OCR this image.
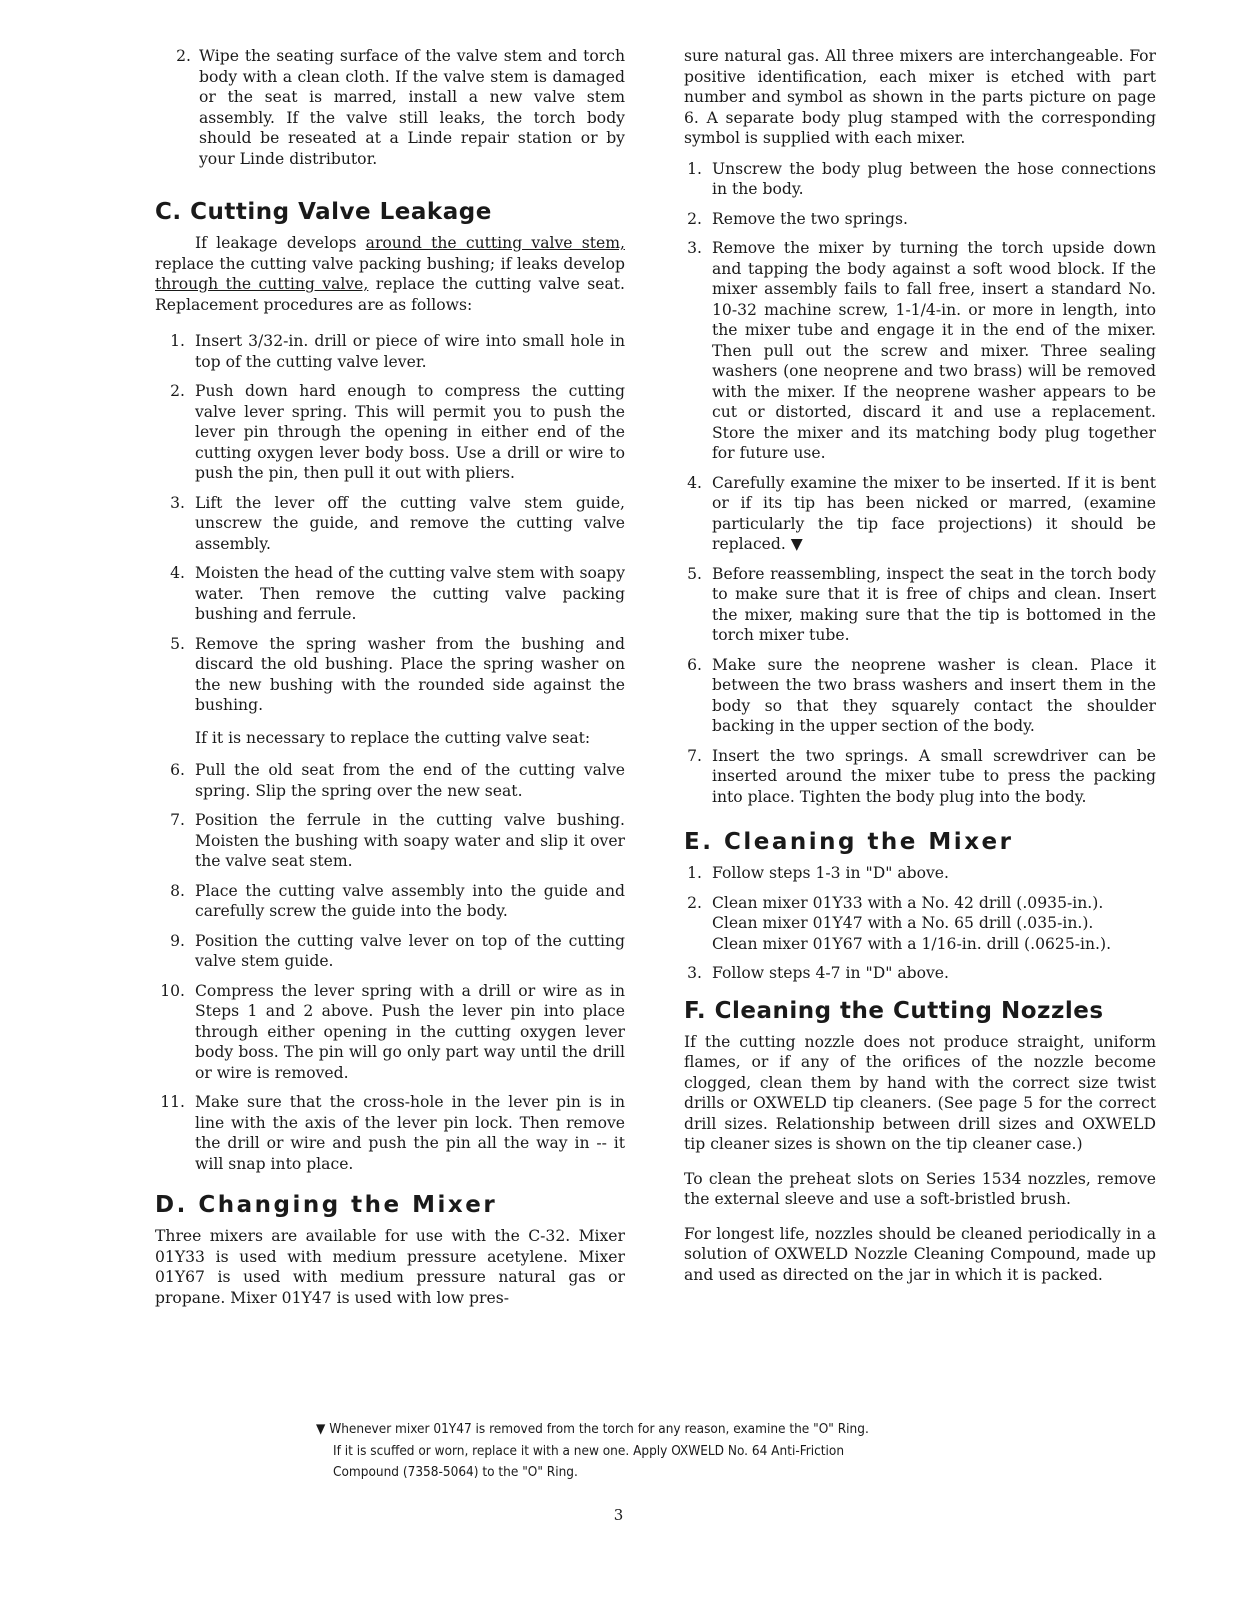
2. Wipe the seating surface of the valve stem and torch body with a clean cloth. If the valve stem is damaged or the seat is marred, install a new valve stem assembly. If the valve still leaks, the torch body should be reseated at a Linde repair station or by your Linde distributor.
C. Cutting Valve Leakage

If leakage develops around the cutting valve stem, replace the cutting valve packing bushing; if leaks develop through the cutting valve, replace the cutting valve seat. Replacement procedures are as follows:

1. Insert 3/32-in. drill or piece of wire into small hole in top of the cutting valve lever.
2. Push down hard enough to compress the cutting valve lever spring. This will permit you to push the lever pin through the opening in either end of the cutting oxygen lever body boss. Use a drill or wire to push the pin, then pull it out with pliers.
3. Lift the lever off the cutting valve stem guide, unscrew the guide, and remove the cutting valve assembly.
4. Moisten the head of the cutting valve stem with soapy water. Then remove the cutting valve packing bushing and ferrule.
5. Remove the spring washer from the bushing and discard the old bushing. Place the spring washer on the new bushing with the rounded side against the bushing.

If it is necessary to replace the cutting valve seat:

6. Pull the old seat from the end of the cutting valve spring. Slip the spring over the new seat.
7. Position the ferrule in the cutting valve bushing. Moisten the bushing with soapy water and slip it over the valve seat stem.
8. Place the cutting valve assembly into the guide and carefully screw the guide into the body.
9. Position the cutting valve lever on top of the cutting valve stem guide.
10. Compress the lever spring with a drill or wire as in Steps 1 and 2 above. Push the lever pin into place through either opening in the cutting oxygen lever body boss. The pin will go only part way until the drill or wire is removed.
11. Make sure that the cross-hole in the lever pin is in line with the axis of the lever pin lock. Then remove the drill or wire and push the pin all the way in -- it will snap into place.
D. Changing the Mixer

Three mixers are available for use with the C-32. Mixer 01Y33 is used with medium pressure acetylene. Mixer 01Y67 is used with medium pressure natural gas or propane. Mixer 01Y47 is used with low pres-

sure natural gas. All three mixers are interchangeable. For positive identification, each mixer is etched with part number and symbol as shown in the parts picture on page 6. A separate body plug stamped with the corresponding symbol is supplied with each mixer.

1. Unscrew the body plug between the hose connections in the body.
2. Remove the two springs.
3. Remove the mixer by turning the torch upside down and tapping the body against a soft wood block. If the mixer assembly fails to fall free, insert a standard No. 10-32 machine screw, 1-1/4-in. or more in length, into the mixer tube and engage it in the end of the mixer. Then pull out the screw and mixer. Three sealing washers (one neoprene and two brass) will be removed with the mixer. If the neoprene washer appears to be cut or distorted, discard it and use a replacement. Store the mixer and its matching body plug together for future use.
4. Carefully examine the mixer to be inserted. If it is bent or if its tip has been nicked or marred, (examine particularly the tip face projections) it should be replaced. ▼
5. Before reassembling, inspect the seat in the torch body to make sure that it is free of chips and clean. Insert the mixer, making sure that the tip is bottomed in the torch mixer tube.
6. Make sure the neoprene washer is clean. Place it between the two brass washers and insert them in the body so that they squarely contact the shoulder backing in the upper section of the body.
7. Insert the two springs. A small screwdriver can be inserted around the mixer tube to press the packing into place. Tighten the body plug into the body.
E. Cleaning the Mixer
1. Follow steps 1-3 in "D" above.
2. Clean mixer 01Y33 with a No. 42 drill (.0935-in.).
Clean mixer 01Y47 with a No. 65 drill (.035-in.).
Clean mixer 01Y67 with a 1/16-in. drill (.0625-in.).
3. Follow steps 4-7 in "D" above.
F. Cleaning the Cutting Nozzles

If the cutting nozzle does not produce straight, uniform flames, or if any of the orifices of the nozzle become clogged, clean them by hand with the correct size twist drills or OXWELD tip cleaners. (See page 5 for the correct drill sizes. Relationship between drill sizes and OXWELD tip cleaner sizes is shown on the tip cleaner case.)

To clean the preheat slots on Series 1534 nozzles, remove the external sleeve and use a soft-bristled brush.

For longest life, nozzles should be cleaned periodically in a solution of OXWELD Nozzle Cleaning Compound, made up and used as directed on the jar in which it is packed.

▼ Whenever mixer 01Y47 is removed from the torch for any reason, examine the "O" Ring.

If it is scuffed or worn, replace it with a new one. Apply OXWELD No. 64 Anti-Friction

Compound (7358-5064) to the "O" Ring.

3
